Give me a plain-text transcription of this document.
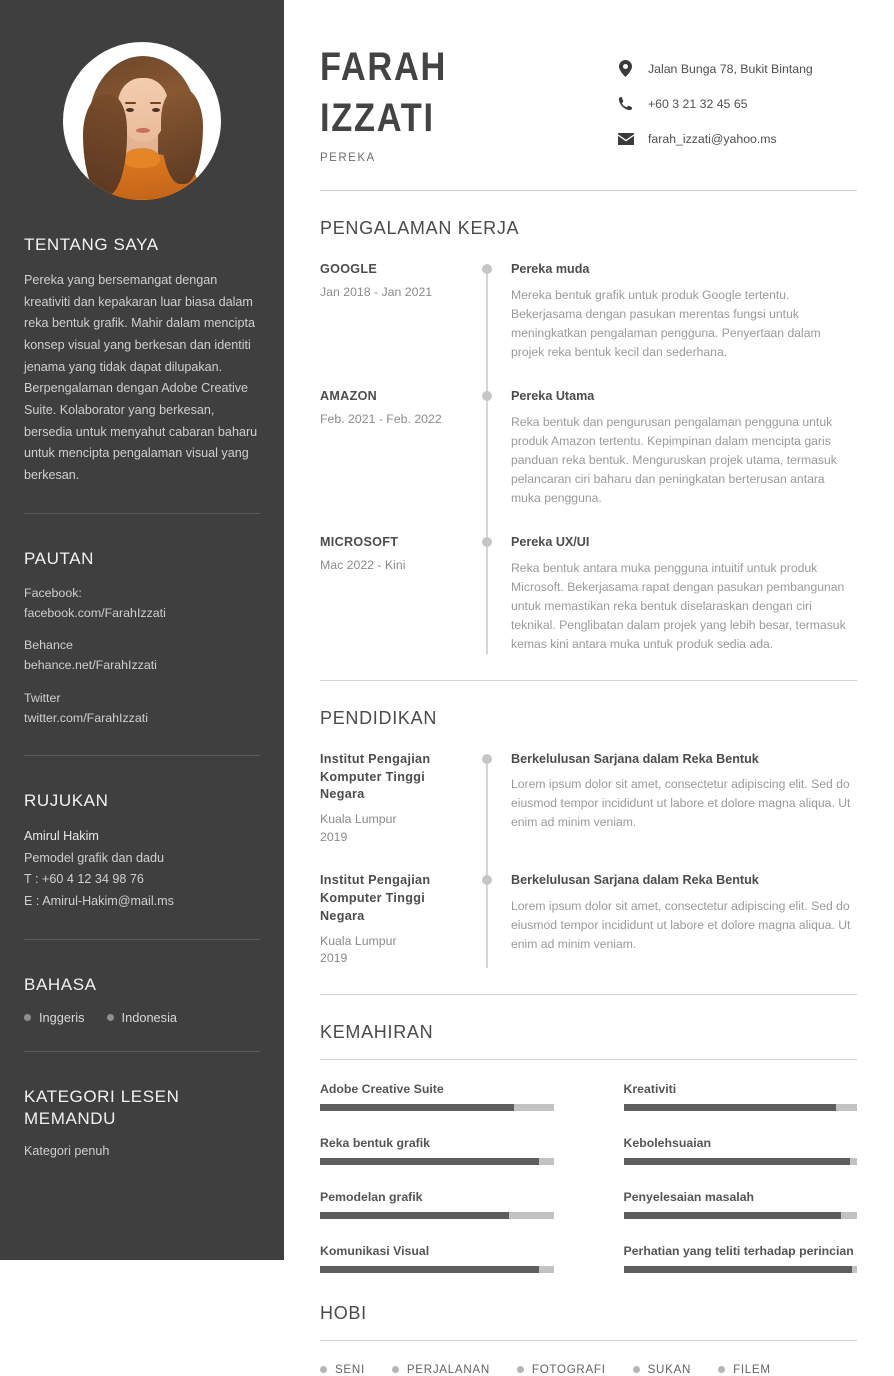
TENTANG SAYA

Pereka yang bersemangat dengan kreativiti dan kepakaran luar biasa dalam reka bentuk grafik. Mahir dalam mencipta konsep visual yang berkesan dan identiti jenama yang tidak dapat dilupakan. Berpengalaman dengan Adobe Creative Suite. Kolaborator yang berkesan, bersedia untuk menyahut cabaran baharu untuk mencipta pengalaman visual yang berkesan.

PAUTAN
Facebook:
facebook.com/FarahIzzati
Behance
behance.net/FarahIzzati
Twitter
twitter.com/FarahIzzati
RUJUKAN
Amirul Hakim
Pemodel grafik dan dadu
T : +60 4 12 34 98 76
E : Amirul-Hakim@mail.ms
BAHASA
Inggeris	Indonesia
KATEGORI LESEN MEMANDU
Kategori penuh
FARAH
IZZATI
PEREKA
Jalan Bunga 78, Bukit Bintang
+60 3 21 32 45 65
farah_izzati@yahoo.ms
PENGALAMAN KERJA
GOOGLE
Jan 2018 - Jan 2021
Pereka muda
Mereka bentuk grafik untuk produk Google tertentu. Bekerjasama dengan pasukan merentas fungsi untuk meningkatkan pengalaman pengguna. Penyertaan dalam projek reka bentuk kecil dan sederhana.
AMAZON
Feb. 2021 - Feb. 2022
Pereka Utama
Reka bentuk dan pengurusan pengalaman pengguna untuk produk Amazon tertentu. Kepimpinan dalam mencipta garis panduan reka bentuk. Menguruskan projek utama, termasuk pelancaran ciri baharu dan peningkatan berterusan antara muka pengguna.
MICROSOFT
Mac 2022 - Kini
Pereka UX/UI
Reka bentuk antara muka pengguna intuitif untuk produk Microsoft. Bekerjasama rapat dengan pasukan pembangunan untuk memastikan reka bentuk diselaraskan dengan ciri teknikal. Penglibatan dalam projek yang lebih besar, termasuk kemas kini antara muka untuk produk sedia ada.
PENDIDIKAN
Institut Pengajian Komputer Tinggi Negara
Kuala Lumpur
2019
Berkelulusan Sarjana dalam Reka Bentuk
Lorem ipsum dolor sit amet, consectetur adipiscing elit. Sed do eiusmod tempor incididunt ut labore et dolore magna aliqua. Ut enim ad minim veniam.
Institut Pengajian Komputer Tinggi Negara
Kuala Lumpur
2019
Berkelulusan Sarjana dalam Reka Bentuk
Lorem ipsum dolor sit amet, consectetur adipiscing elit. Sed do eiusmod tempor incididunt ut labore et dolore magna aliqua. Ut enim ad minim veniam.
KEMAHIRAN
Adobe Creative Suite
Reka bentuk grafik
Pemodelan grafik
Komunikasi Visual
Kreativiti
Kebolehsuaian
Penyelesaian masalah
Perhatian yang teliti terhadap perincian
HOBI
SENI	PERJALANAN	FOTOGRAFI	SUKAN	FILEM
